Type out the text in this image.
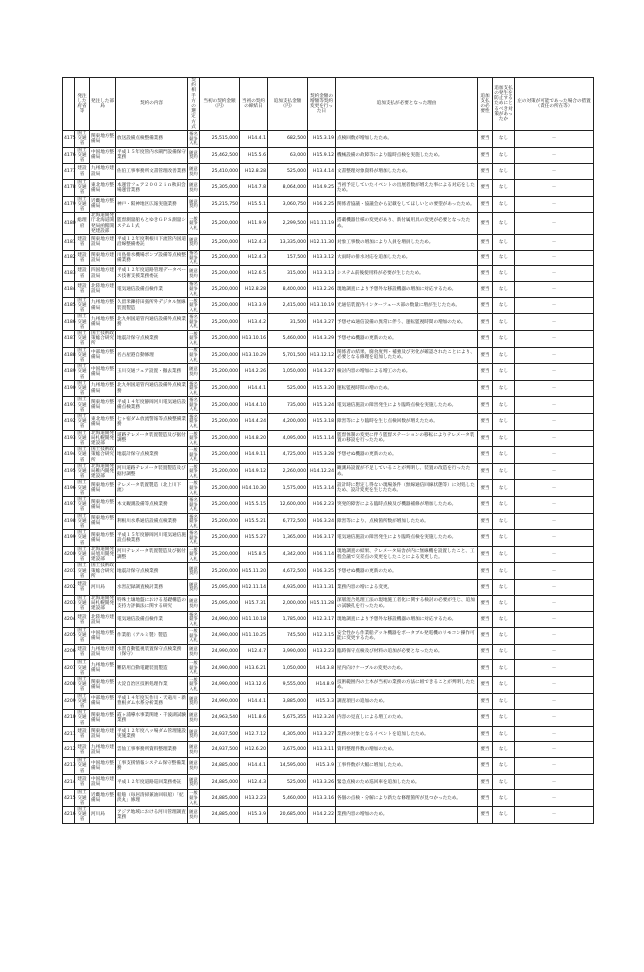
	発注した府省等	発注した部局	契約の内容	契約相手方の選定方式	当初の契約金額（円）	当初の契約の締結日	追加支払金額（円）	契約金額の増額等契約変更を行った日	追加支払が必要となった理由	追加支払の必要性	追加支払の発生を防止するためにとるべき対策があったか	左の対策が可能であった場合の措置（責任の所在等）
4175	国土交通省	関東地方整備局	放送設備点検整備業務	指名競争入札	25,515,000	H14.4.1	682,500	H15.3.19	点検回数が増加したため。	要当	なし	－
4176	国土交通省	中国地方整備局	平成１５年度管内水閘門設備保守業務	随意契約	25,462,500	H15.5.6	63,000	H15.9.12	機械設備の故障等により臨時点検を実施したため。	要当	なし	－
4177	建設省	九州地方建設局	佐伯工事事務所文書管理改善業務	随意契約	25,410,000	H12.8.28	525,000	H13.4.14	文書整理対象資料が増加したため。	要当	なし	－
4178	国土交通省	東北地方整備局	本運営フェア２００２ｉｎ秋田会場運営業務	随意契約	25,305,000	H14.7.8	8,064,000	H14.9.25	当初予定していたイベントの出展者数が増えた事による対応をしたため。	要当	なし	－
4179	国土交通省	近畿地方整備局	神戸・阪神地区広報実施業務	随意契約	25,215,750	H15.5.1	3,060,750	H16.2.25	関係者協議・協議会から記載をしてほしいとの要望があったため。	要当	なし	－
4180	総理府	北海道開発庁北海道開発局函館開発建設部	監督測量船もとゆきＧＰＳ測量システム１式	一般競争入札	25,200,000	H11.9.9	2,299,500	H11.11.19	搭載機器仕様の変更があり、新付属用具の変更が必要となったため。	要当	なし	－
4181	建設省	関東地方建設局	平成１２年度利根川下流管内国道沿線整備委託	随意契約	25,200,000	H12.4.3	13,335,000	H12.11.30	対象工事数の増加により人員を増員したため。	要当	なし	－
4182	建設省	関東地方建設局	川島排水機場ポンプ設備等点検整備業務	指名競争入札	25,200,000	H12.4.3	157,500	H13.3.12	大雨時の排水対応を追加したため。	要当	なし	－
4183	建設省	四国地方建設局	平成１２年度道路管理データベース技術支援業務委託	随意契約	25,200,000	H12.6.5	315,000	H13.3.13	システム前後使用料が必要が生じたため。	要当	なし	－
4184	建設省	北陸地方建設局	電気通信設備点検作業	指名競争入札	25,200,000	H12.8.28	8,400,000	H13.2.26	現地調査により予想外な移設機器の増加に対応するため。	要当	なし	－
4185	国土交通省	九州地方整備局	久留米錬持田張所外デジタル無線装置製造	一般競争入札	25,200,000	H13.3.9	2,415,000	H13.10.19	光通信装置内インターフェース部の数量に増が生じたため。	要当	なし	－
4186	国土交通省	九州地方整備局	北九州国道管内通信設備外点検業務	指名競争入札	25,200,000	H13.4.2	31,500	H14.3.27	予想せぬ通信設備の異常に伴う、運転監視時間の増加のため。	要当	なし	－
4187	国土交通省	国土技術政策総合研究所	地震計保守点検業務	一般競争入札	25,200,000	H13.10.16	5,460,000	H14.3.29	予想せぬ機器の更新のため。	要当	なし	－
4188	国土交通省	中部地方整備局	名古屋港自動修理	一般競争入札	25,200,000	H13.10.29	5,701,500	H13.12.12	関係者の結果、腐食度判・補強及び劣化が確認されたことにより、必要となる修理を追加したため。	要当	なし	－
4189	国土交通省	中国地方整備局	玉川交通フェア設置・撤去業務	随意契約	25,200,000	H14.2.26	1,050,000	H14.3.27	検討内容の増加による増工のため。	要当	なし	－
4190	国土交通省	九州地方整備局	北九州国道管内通信設備外点検業務	指名競争入札	25,200,000	H14.4.1	525,000	H15.3.20	運転監視時間の増のため。	要当	なし	－
4191	国土交通省	関東地方整備局	平成１４年度静岡河川電気通信設備点検業務	指名競争入札	25,200,000	H14.4.10	735,000	H15.3.24	電気通信施設の障害発生により臨時点検を実施したため。	要当	なし	－
4192	国土交通省	東北地方整備局	七ヶ宿ダム放流警報等点検整備業務	指名競争入札	25,200,000	H14.4.24	4,200,000	H15.3.18	障害等により臨時を生じ点検回数が増えたため。	要当	なし	－
4193	国土交通省	北海道開発局札幌開発建設部	道路テレメータ装置製造及び据付調整	一般競争入札	25,200,000	H14.8.20	4,095,000	H15.1.14	監督体制の変更に伴う監督ステーションの移転によりテレメータ装置の移設を行ったため。	要当	なし	－
4194	国土交通省	国土技術政策総合研究所	地震計保守点検業務	一般競争入札	25,200,000	H14.9.11	4,725,000	H15.3.28	予想せぬ機器の更新のため。	要当	なし	－
4195	国土交通省	北海道開発局稚内開発建設部	河川道路テレメータ装置製造及び据付調整	一般競争入札	25,200,000	H14.9.12	2,260,000	H14.12.24	観測局設置が不足していることが判明し、装置の改造を行ったため。	要当	なし	－
4196	国土交通省	関東地方整備局	テレメータ装置製造（北上川下流）	一般競争入札	25,200,000	H14.10.30	1,575,000	H15.3.14	設計時に想定し得ない現場条件（無線通信回線状態等）に対処したため、設計変更を生じたため。	要当	なし	－
4197	国土交通省	関東地方整備局	木文観測設備等点検業務	指名競争入札	25,200,000	H15.5.15	12,600,000	H16.2.23	突発的障害による臨時点検及び機器補修が増加したため。	要当	なし	－
4198	国土交通省	関東地方整備局	利根川水系通信設備点検業務	指名競争入札	25,200,000	H15.5.21	6,772,500	H16.3.24	障害等により、点検箇所数が増加したため。	要当	なし	－
4199	国土交通省	関東地方整備局	平成１５年度静岡河川電気通信施設点検業務	指名競争入札	25,200,000	H15.5.27	1,365,000	H16.3.17	電気通信施設の障害発生により臨時点検を実施したため。	要当	なし	－
4200	国土交通省	北海道開発局旭川開発建設部	河川テレメータ装置製造及び据付調整	一般競争入札	25,200,000	H15.8.5	4,342,000	H16.1.14	現地調査の結果、テレメータ局舎が内に無線機を設置したこと、工程会議で交差点の変更をしたことによる変更した。	要当	なし	－
4201	国土交通省	国土技術政策総合研究所	地震計保守点検業務	随意契約	25,200,000	H15.11.20	4,672,500	H16.3.25	予想せぬ機器の更新のため。	要当	なし	－
4202	建設省	河川局	水害記録調査検討業務	随意契約	25,095,000	H12.11.14	4,935,000	H13.1.31	業務内容の増による変更。	要当	なし	－
4203	国土交通省	北海道開発局札幌開発建設部	特殊土壌地盤における基礎構造の支持力評価法に関する研究	随意契約	25,095,000	H15.7.31	2,000,000	H15.11.28	深層混合処理工法の現地施工者化に関する検討の必要が生じ、追加の試験孔を行ったため。	要当	なし	－
4204	建設省	北陸地方建設局	電気通信設備点検作業	指名競争入札	24,990,000	H11.10.18	1,785,000	H12.3.17	現地調査により予想外な移設機器の増加に対応するため。	要当	なし	－
4205	国土交通省	中国地方整備局	作業船（アルミ製）製造	一般競争入札	24,990,000	H11.10.25	745,500	H12.3.15	安全性から作業船デッキ機器をポータブル発電機のリモコン操作可能に変更するため。	要当	なし	－
4206	建設省	九州地方建設局	水質自動監視装置保守点検業務（保守）	随意契約	24,990,000	H12.4.7	3,990,000	H13.2.23	臨時保守点検及び材料の追加が必要となったため。	要当	なし	－
4207	国土交通省	九州地方整備局	難防用自動電鍵装置製造	一般競争入札	24,990,000	H13.6.21	1,050,000	H14.3.8	屋内向けケーブルの変更のため。	要当	なし	－
4208	国土交通省	関東地方整備局	大淀自治区技術処理作業	一般競争入札	24,990,000	H13.12.6	9,555,000	H14.8.9	技術範囲内の土木が当初の業務の方法に組できることが判明したため。	要当	なし	－
4209	国土交通省	中部地方整備局	平成１４年度矢作川・天竜川・新豊根ダム水系分析業務	随意契約	24,990,000	H14.4.1	3,885,000	H15.3.3	調査項目の追加のため。	要当	なし	－
4210	国土交通省	関東地方整備局	霞ヶ浦導水事業関連・千波湖試験業務	随意契約	24,963,540	H11.8.6	5,675,355	H12.3.24	内容の見直しによる増工のため。	要当	なし	－
4211	建設省	関東地方建設局	平成１２年度八ッ場ダム管理施設実施業務	随意契約	24,937,500	H12.7.12	4,305,000	H13.3.27	業務の対象となるイベントを追加したため。	要当	なし	－
4212	建設省	九州地方建設局	雲仙工事事務所資料整理業務	随意契約	24,937,500	H12.6.20	3,675,000	H13.3.11	資料整理件数の増加のため。	要当	なし	－
4213	国土交通省	中国地方整備局	工事支援情報システム保守整備業務	随意契約	24,885,000	H14.4.1	14,595,000	H15.3.9	工事件数が大幅に増加したため。	要当	なし	－
4214	建設省	中国地方建設局	平成１２年度道路巡回業務委託	随意契約	24,885,000	H12.4.3	525,000	H13.3.26	緊急点検のため巡回車を追加したため。	要当	なし	－
4215	国土交通省	近畿地方整備局	船舶（毎居清掃兼油回収船）「紀淡丸」修理	一般競争入札	24,885,000	H13.2.23	5,460,000	H13.3.16	各個の点検・分解により新たな修理箇所が見つかったため。	要当	なし	－
4216	国土交通省	河川局	アジア地域における河川管理調査業務	随意契約	24,885,000	H15.3.9	20,685,000	H14.2.22	業務内容の増加のため。	要当	なし	－
